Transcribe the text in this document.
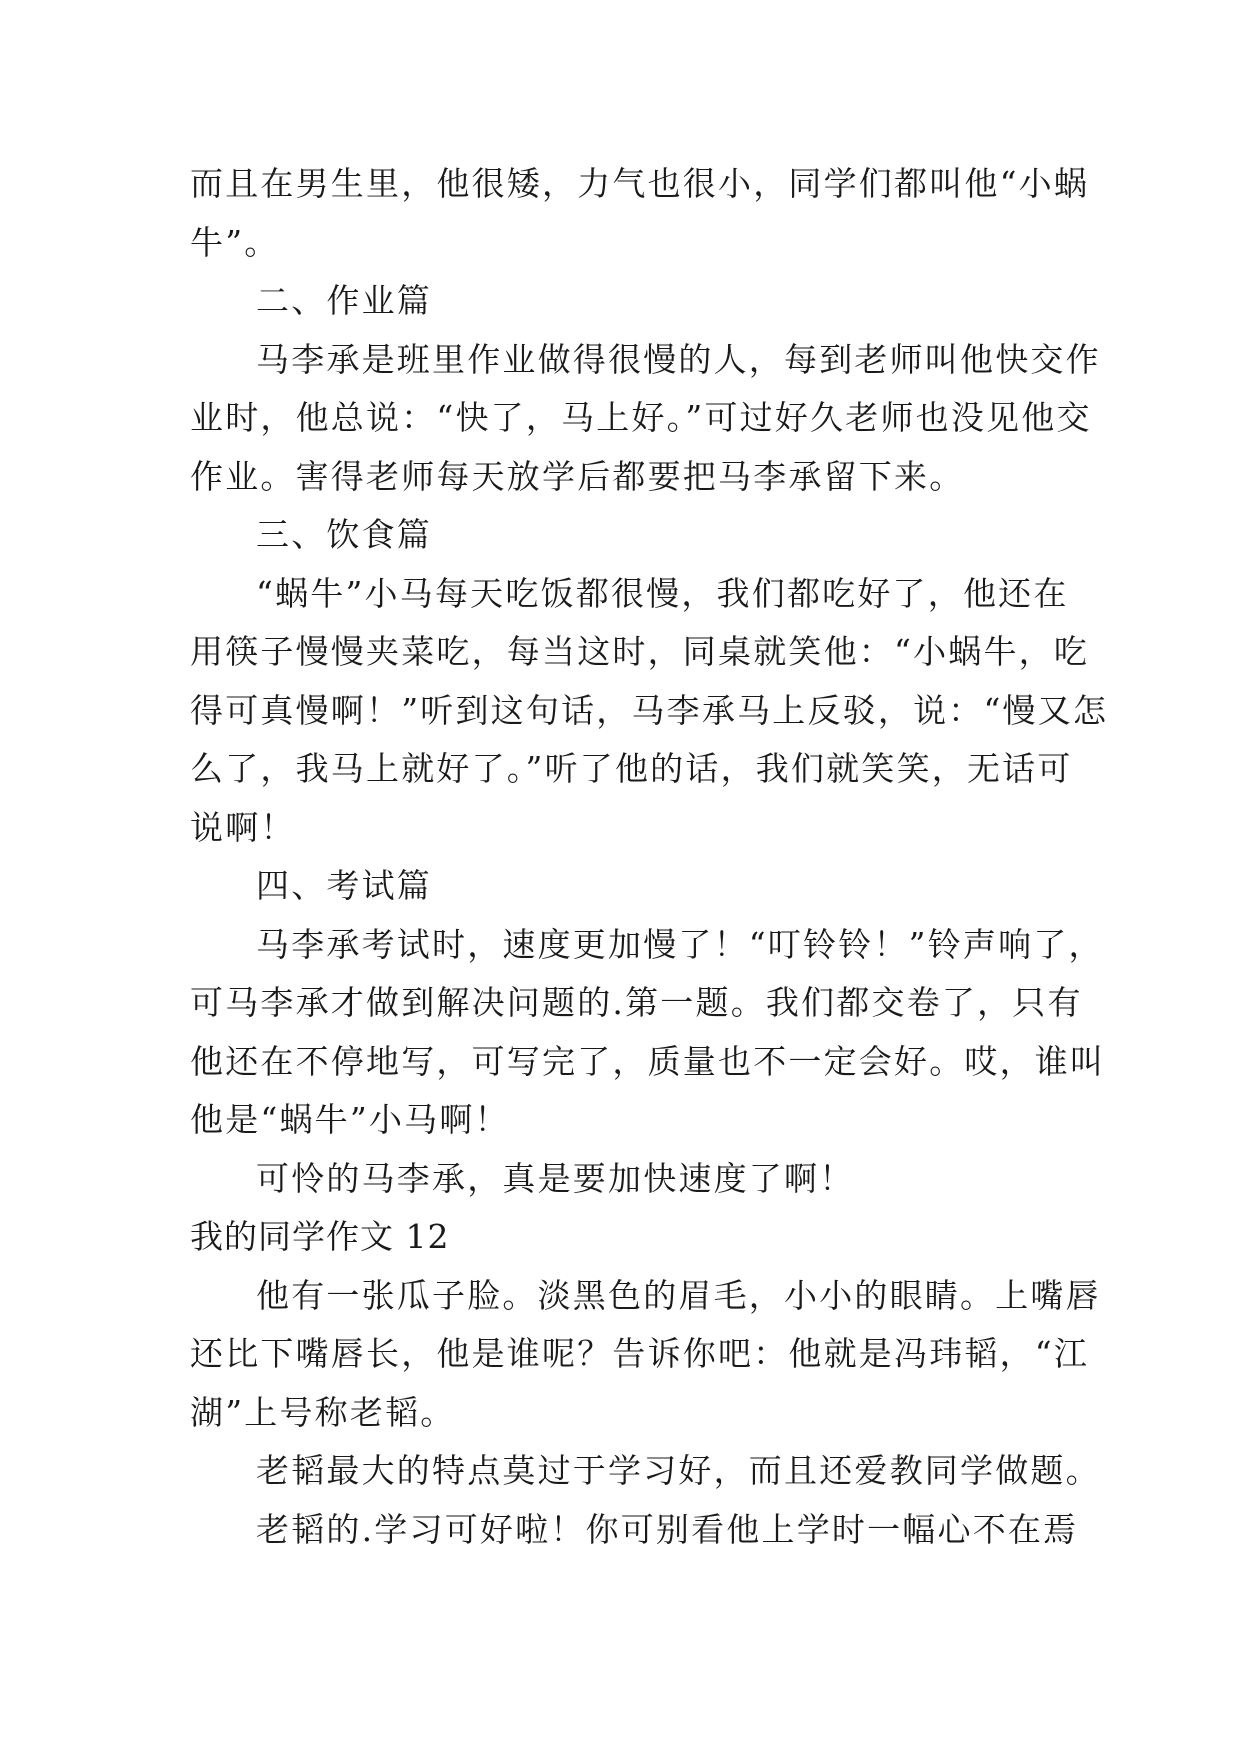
而且在男生里，他很矮，力气也很小，同学们都叫他“小蜗

牛”。

二、作业篇

马李承是班里作业做得很慢的人，每到老师叫他快交作

业时，他总说：“快了，马上好。”可过好久老师也没见他交

作业。害得老师每天放学后都要把马李承留下来。

三、饮食篇

“蜗牛”小马每天吃饭都很慢，我们都吃好了，他还在

用筷子慢慢夹菜吃，每当这时，同桌就笑他：“小蜗牛，吃

得可真慢啊！”听到这句话，马李承马上反驳，说：“慢又怎

么了，我马上就好了。”听了他的话，我们就笑笑，无话可

说啊！

四、考试篇

马李承考试时，速度更加慢了！“叮铃铃！”铃声响了，

可马李承才做到解决问题的.第一题。我们都交卷了，只有

他还在不停地写，可写完了，质量也不一定会好。哎，谁叫

他是“蜗牛”小马啊！

可怜的马李承，真是要加快速度了啊！

我的同学作文 12

他有一张瓜子脸。淡黑色的眉毛，小小的眼睛。上嘴唇

还比下嘴唇长，他是谁呢？告诉你吧：他就是冯玮韬，“江

湖”上号称老韬。

老韬最大的特点莫过于学习好，而且还爱教同学做题。

老韬的.学习可好啦！你可别看他上学时一幅心不在焉
